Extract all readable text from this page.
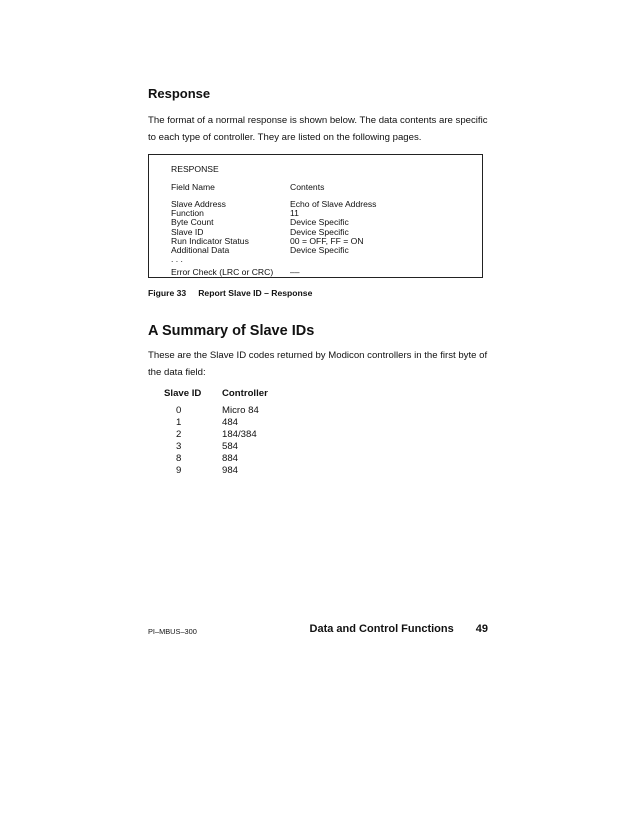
Response
The format of a normal response is shown below. The data contents are specific to each type of controller. They are listed on the following pages.
RESPONSE
Field Name	Contents
Slave Address	Echo of Slave Address
Function	11
Byte Count	Device Specific
Slave ID	Device Specific
Run Indicator Status	00 = OFF, FF = ON
Additional Data	Device Specific
. . .
Error Check (LRC or CRC)	––
Figure 33 Report Slave ID – Response
A Summary of Slave IDs
These are the Slave ID codes returned by Modicon controllers in the first byte of the data field:
Slave ID	Controller
0	Micro 84
1	484
2	184/384
3	584
8	884
9	984
PI–MBUS–300	Data and Control Functions 49
